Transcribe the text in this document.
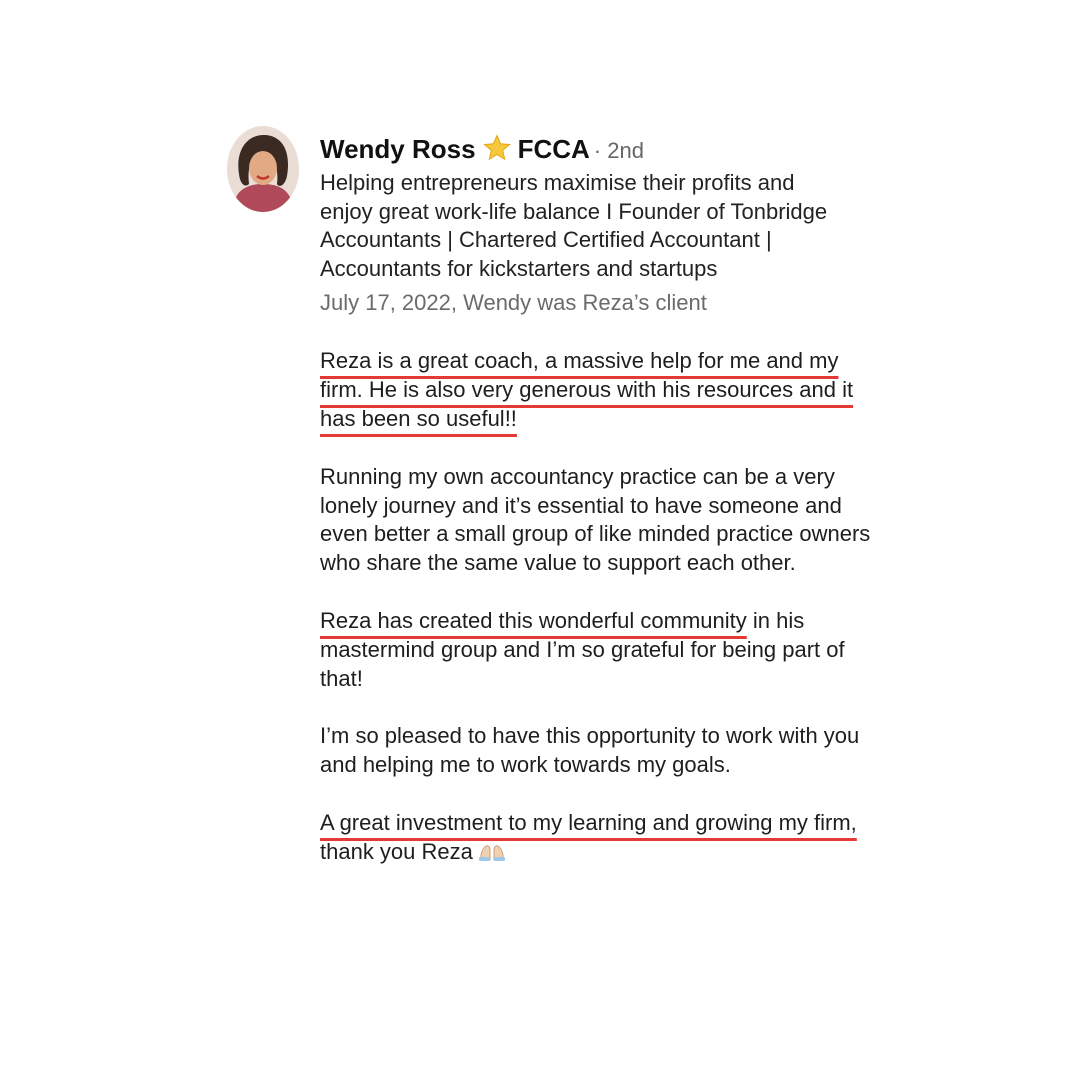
Wendy Ross FCCA · 2nd

Helping entrepreneurs maximise their profits and enjoy great work-life balance I Founder of Tonbridge Accountants | Chartered Certified Accountant | Accountants for kickstarters and startups

July 17, 2022, Wendy was Reza’s client

Reza is a great coach, a massive help for me and my firm. He is also very generous with his resources and it has been so useful!!

Running my own accountancy practice can be a very lonely journey and it’s essential to have someone and even better a small group of like minded practice owners who share the same value to support each other.

Reza has created this wonderful community in his mastermind group and I’m so grateful for being part of that!

I’m so pleased to have this opportunity to work with you and helping me to work towards my goals.

A great investment to my learning and growing my firm, thank you Reza
